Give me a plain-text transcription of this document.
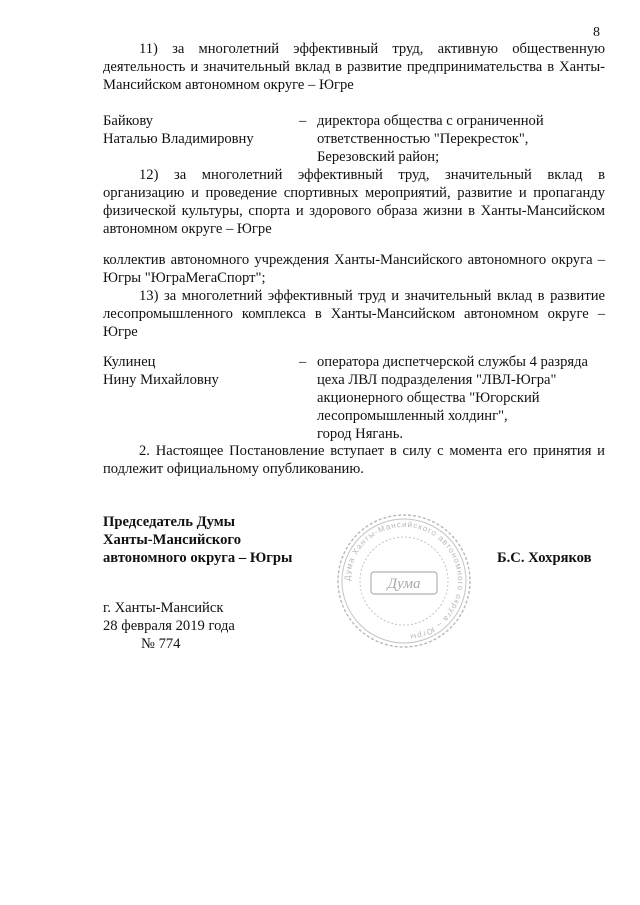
8
11) за многолетний эффективный труд, активную общественную деятельность и значительный вклад в развитие предпринимательства в Ханты-Мансийском автономном округе – Югре
Байкову
Наталью Владимировну
– директора общества с ограниченной
ответственностью "Перекресток",
Березовский район;
12) за многолетний эффективный труд, значительный вклад в организацию и проведение спортивных мероприятий, развитие и пропаганду физической культуры, спорта и здорового образа жизни в Ханты-Мансийском автономном округе – Югре
коллектив автономного учреждения Ханты-Мансийского автономного округа – Югры "ЮграМегаСпорт";
13) за многолетний эффективный труд и значительный вклад в развитие лесопромышленного комплекса в Ханты-Мансийском автономном округе – Югре
Кулинец
Нину Михайловну
– оператора диспетчерской службы 4 разряда
цеха ЛВЛ подразделения "ЛВЛ-Югра"
акционерного общества "Югорский
лесопромышленный холдинг",
город Нягань.
2. Настоящее Постановление вступает в силу с момента его принятия и подлежит официальному опубликованию.
Председатель Думы
Ханты-Мансийского
автономного округа – Югры
Дума Ханты-Мансийского автономного округа – Югры
Дума
Б.С. Хохряков
г. Ханты-Мансийск
28 февраля 2019 года
№ 774
